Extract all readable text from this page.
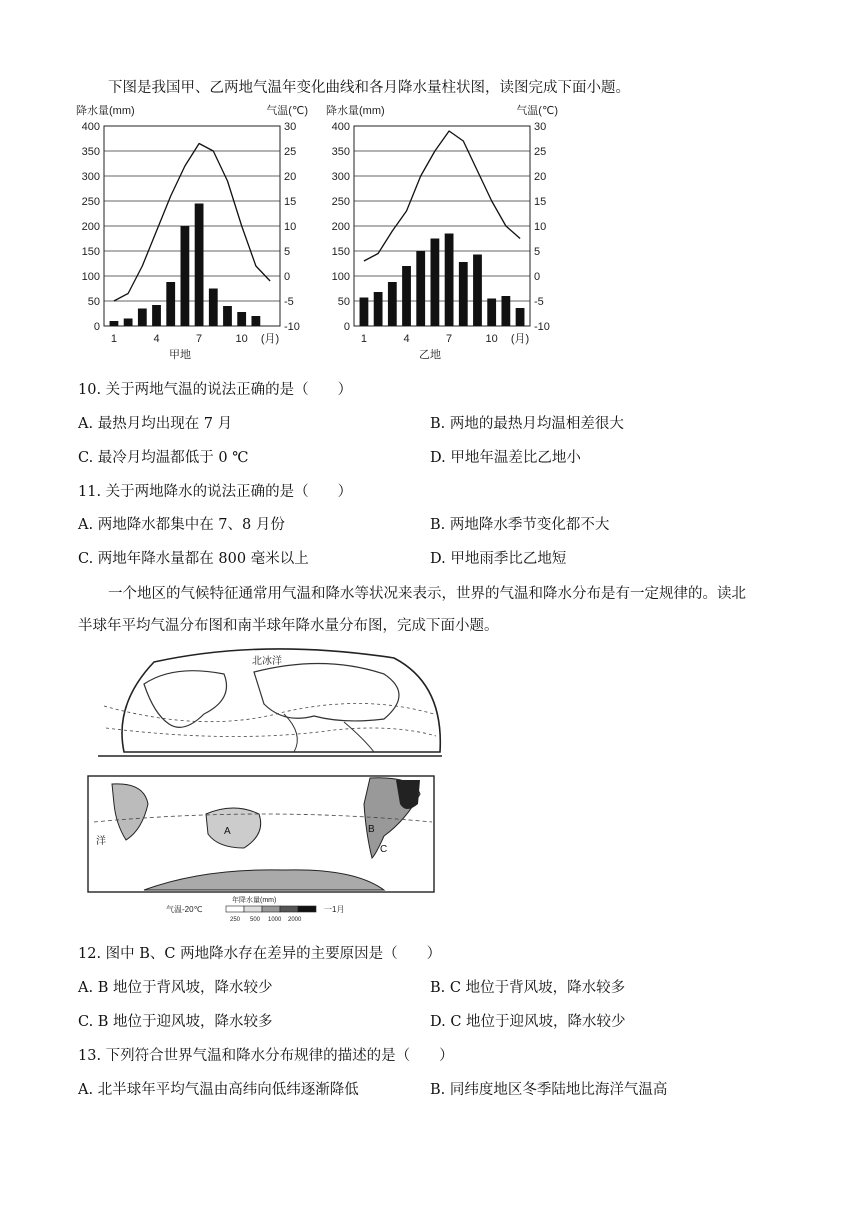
下图是我国甲、乙两地气温年变化曲线和各月降水量柱状图，读图完成下面小题。
降水量(mm)	气温(℃)
0	-10
50	-5
100	0
150	5
200	10
250	15
300	20
350	25
400	30
1	4	7	10 (月)
甲地
降水量(mm)	气温(℃)
0	-10
50	-5
100	0
150	5
200	10
250	15
300	20
350	25
400	30
1	4	7	10 (月)
乙地
10. 关于两地气温的说法正确的是（　　）
A. 最热月均出现在 7 月	B. 两地的最热月均温相差很大
C. 最冷月均温都低于 0 ℃	D. 甲地年温差比乙地小
11. 关于两地降水的说法正确的是（　　）
A. 两地降水都集中在 7、8 月份	B. 两地降水季节变化都不大
C. 两地年降水量都在 800 毫米以上	D. 甲地雨季比乙地短
一个地区的气候特征通常用气温和降水等状况来表示，世界的气温和降水分布是有一定规律的。读北
半球年平均气温分布图和南半球年降水量分布图，完成下面小题。
北冰洋
A	B
C
洋
气温-20℃
年降水量(mm)
250 500 1000 2000
一1月
12. 图中 B、C 两地降水存在差异的主要原因是（　　）
A. B 地位于背风坡，降水较少	B. C 地位于背风坡，降水较多
C. B 地位于迎风坡，降水较多	D. C 地位于迎风坡，降水较少
13. 下列符合世界气温和降水分布规律的描述的是（　　）
A. 北半球年平均气温由高纬向低纬逐渐降低	B. 同纬度地区冬季陆地比海洋气温高
